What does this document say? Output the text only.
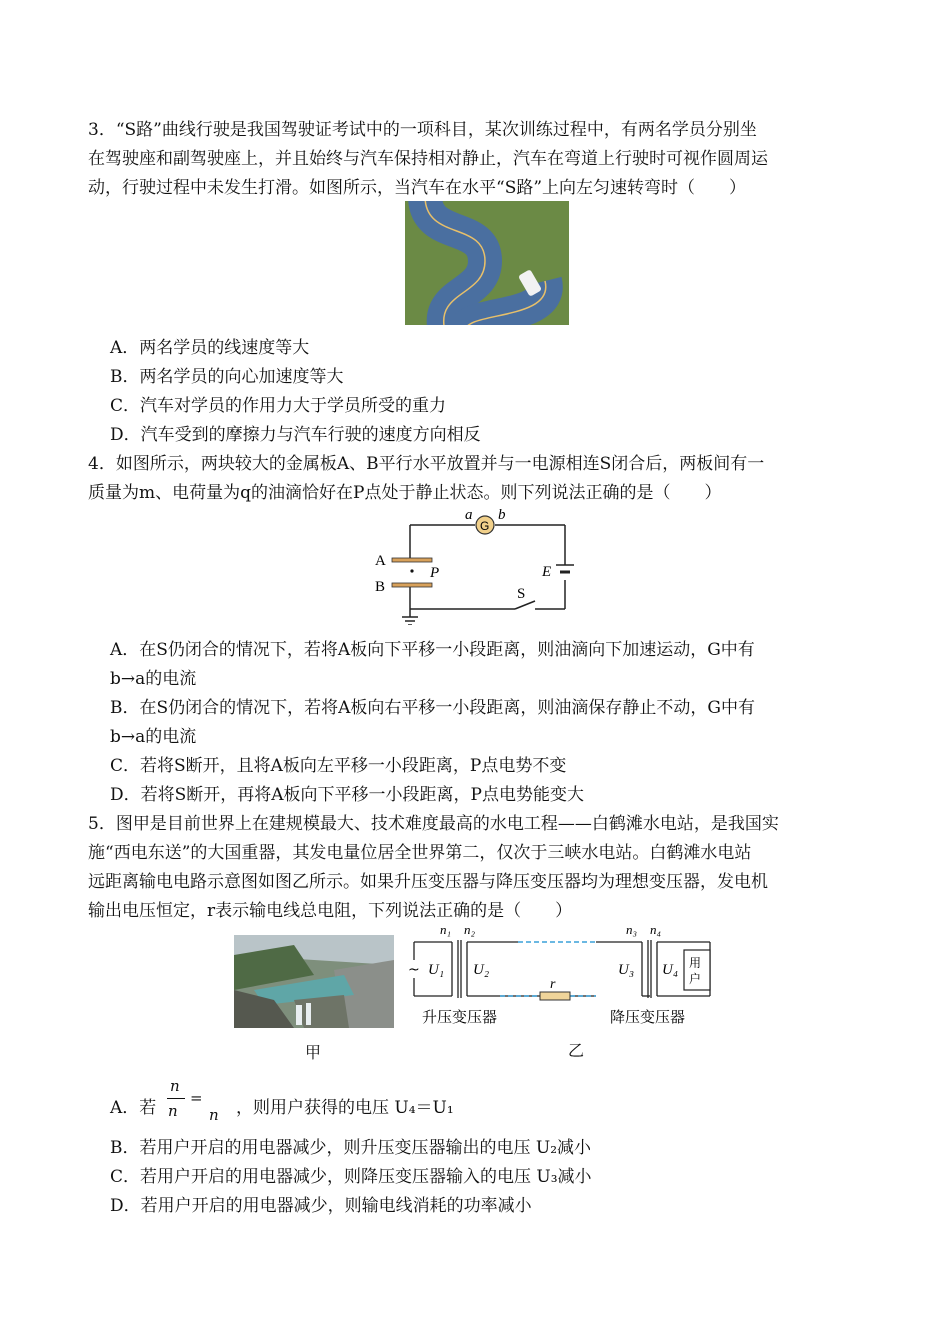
3．“S路”曲线行驶是我国驾驶证考试中的一项科目，某次训练过程中，有两名学员分别坐
在驾驶座和副驾驶座上，并且始终与汽车保持相对静止，汽车在弯道上行驶时可视作圆周运
动，行驶过程中未发生打滑。如图所示，当汽车在水平“S路”上向左匀速转弯时（　　）
A．两名学员的线速度等大
B．两名学员的向心加速度等大
C．汽车对学员的作用力大于学员所受的重力
D．汽车受到的摩擦力与汽车行驶的速度方向相反
4．如图所示，两块较大的金属板A、B平行水平放置并与一电源相连S闭合后，两板间有一
质量为m、电荷量为q的油滴恰好在P点处于静止状态。则下列说法正确的是（　　）
G
a b
A
B
P	E
S
A．在S仍闭合的情况下，若将A板向下平移一小段距离，则油滴向下加速运动，G中有
b→a的电流
B．在S仍闭合的情况下，若将A板向右平移一小段距离，则油滴保存静止不动，G中有
b→a的电流
C．若将S断开，且将A板向左平移一小段距离，P点电势不变
D．若将S断开，再将A板向下平移一小段距离，P点电势能变大
5．图甲是目前世界上在建规模最大、技术难度最高的水电工程——白鹤滩水电站，是我国实
施“西电东送”的大国重器，其发电量位居全世界第二，仅次于三峡水电站。白鹤滩水电站
远距离输电电路示意图如图乙所示。如果升压变压器与降压变压器均为理想变压器，发电机
输出电压恒定，r表示输电线总电阻，下列说法正确的是（　　）
~
n₁ n₂	n₃ n₄
U₁ U₂	U₃ U₄
r
用
户
升压变压器	降压变压器
甲	乙
A．若
n
n
=
n ，则用户获得的电压 U₄＝U₁
B．若用户开启的用电器减少，则升压变压器输出的电压 U₂减小
C．若用户开启的用电器减少，则降压变压器输入的电压 U₃减小
D．若用户开启的用电器减少，则输电线消耗的功率减小
